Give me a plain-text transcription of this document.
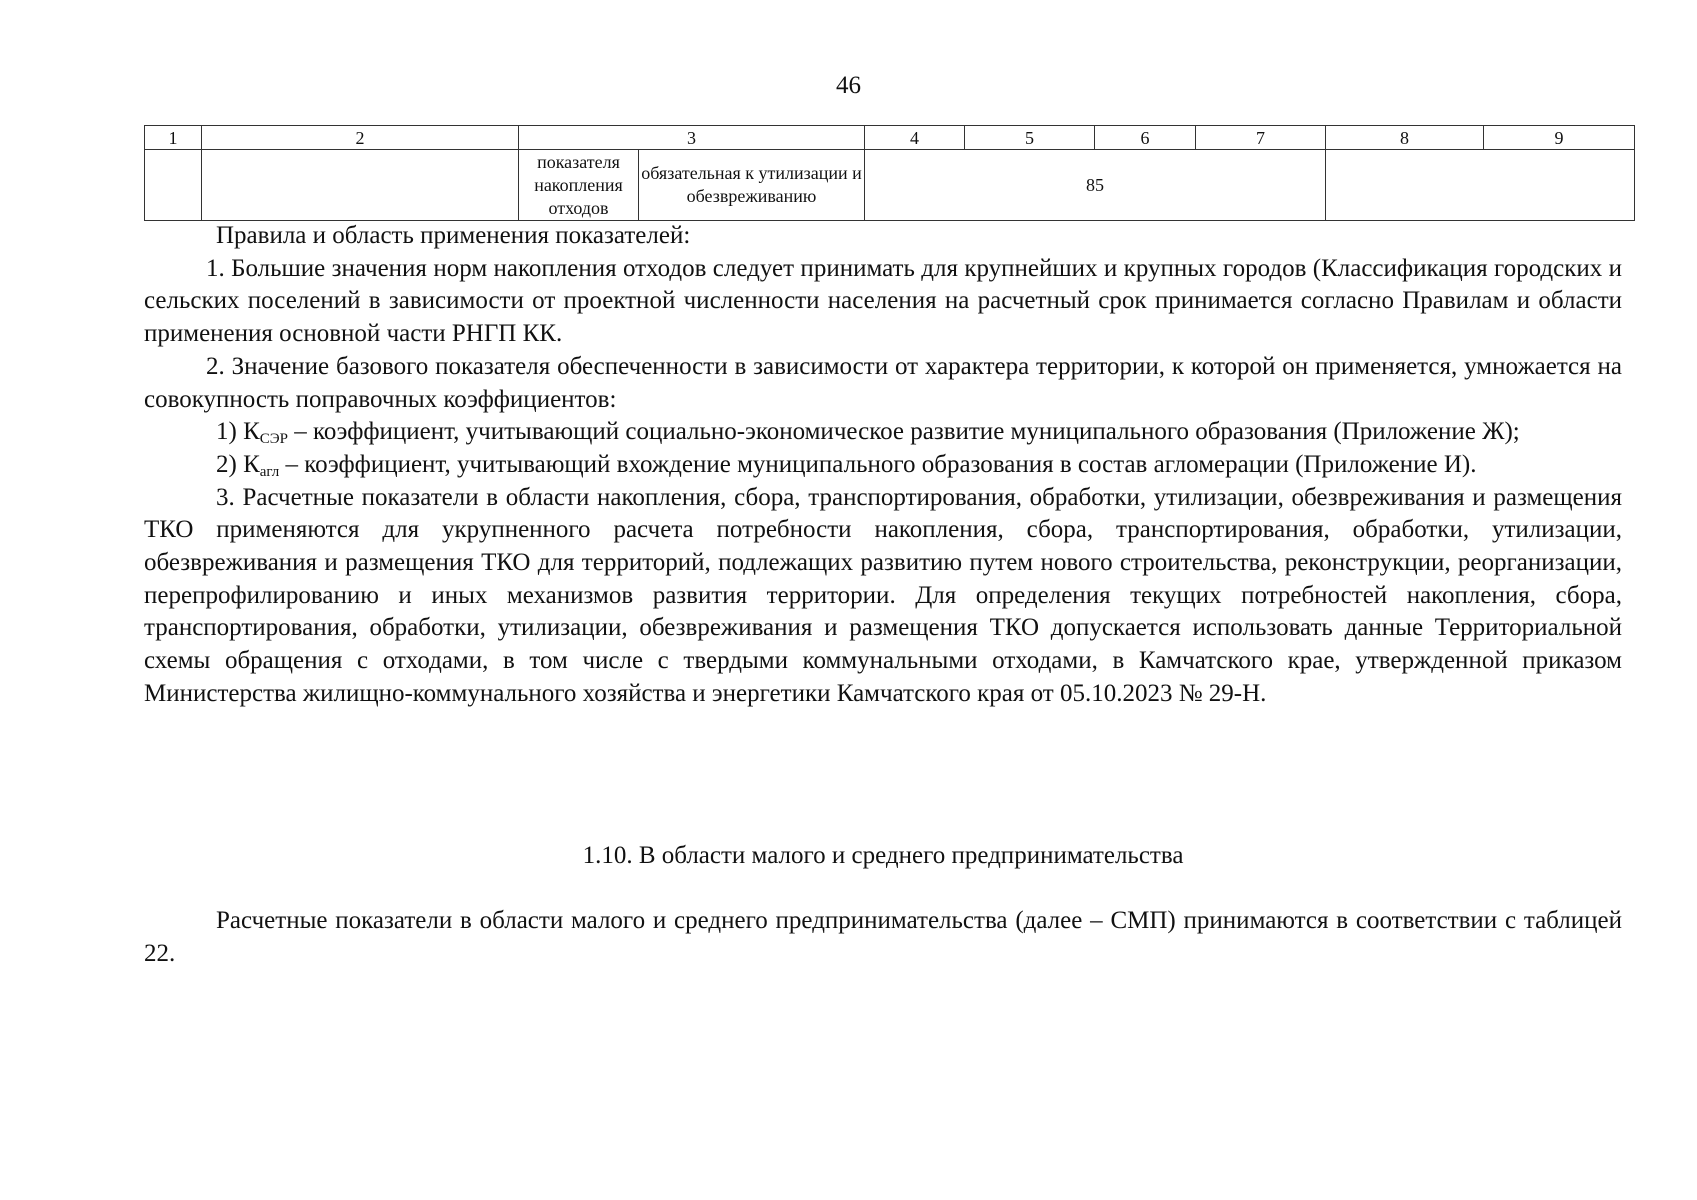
46
1	2	3		4	5	6	7	8	9
		показателя накопления отходов	обязательная к утилизации и обезвреживанию	85					

Правила и область применения показателей:

1. Большие значения норм накопления отходов следует принимать для крупнейших и крупных городов (Классификация городских и сельских поселений в зависимости от проектной численности населения на расчетный срок принимается согласно Правилам и области применения основной части РНГП КК.

2. Значение базового показателя обеспеченности в зависимости от характера территории, к которой он применяется, умножается на совокупность поправочных коэффициентов:

1) $К_{СЭР}$ – коэффициент, учитывающий социально-экономическое развитие муниципального образования (Приложение Ж);

2) $К_{агл}$ – коэффициент, учитывающий вхождение муниципального образования в состав агломерации (Приложение И).

3. Расчетные показатели в области накопления, сбора, транспортирования, обработки, утилизации, обезвреживания и размещения ТКО применяются для укрупненного расчета потребности накопления, сбора, транспортирования, обработки, утилизации, обезвреживания и размещения ТКО для территорий, подлежащих развитию путем нового строительства, реконструкции, реорганизации, перепрофилированию и иных механизмов развития территории. Для определения текущих потребностей накопления, сбора, транспортирования, обработки, утилизации, обезвреживания и размещения ТКО допускается использовать данные Территориальной схемы обращения с отходами, в том числе с твердыми коммунальными отходами, в Камчатского крае, утвержденной приказом Министерства жилищно-коммунального хозяйства и энергетики Камчатского края от 05.10.2023 № 29-Н.

1.10. В области малого и среднего предпринимательства

Расчетные показатели в области малого и среднего предпринимательства (далее – СМП) принимаются в соответствии с таблицей 22.
